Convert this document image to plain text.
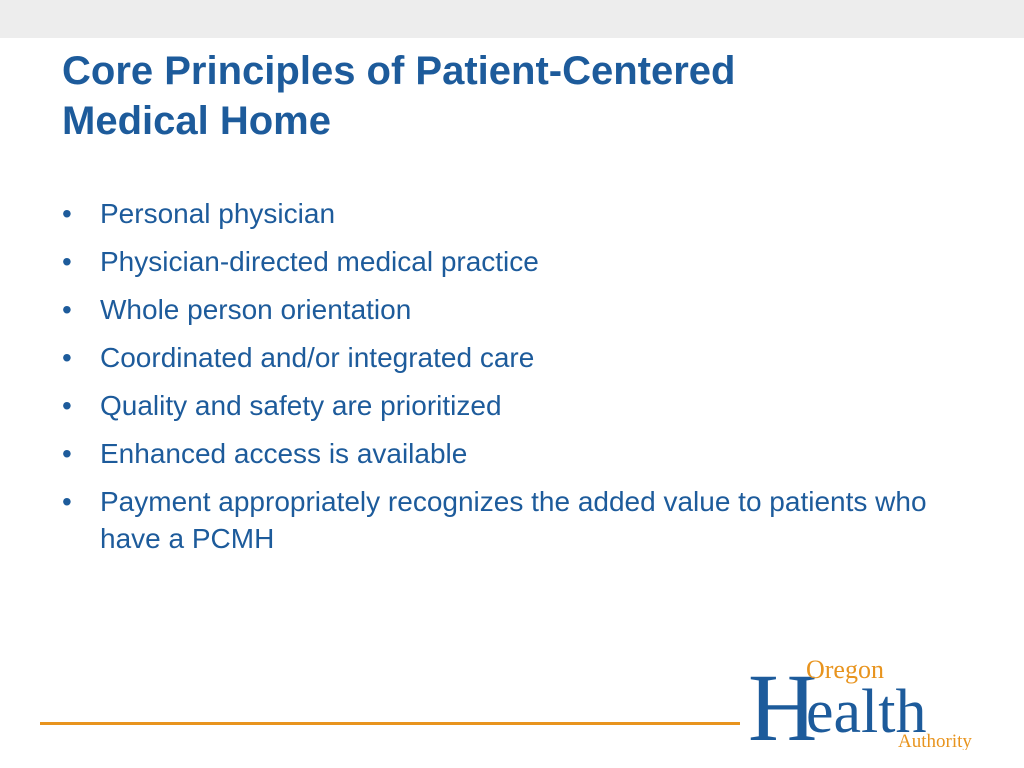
Core Principles of Patient-Centered
Medical Home
• Personal physician
• Physician-directed medical practice
• Whole person orientation
• Coordinated and/or integrated care
• Quality and safety are prioritized
• Enhanced access is available
• Payment appropriately recognizes the added value to patients who have a PCMH
H
Oregon
ealth
Authority
